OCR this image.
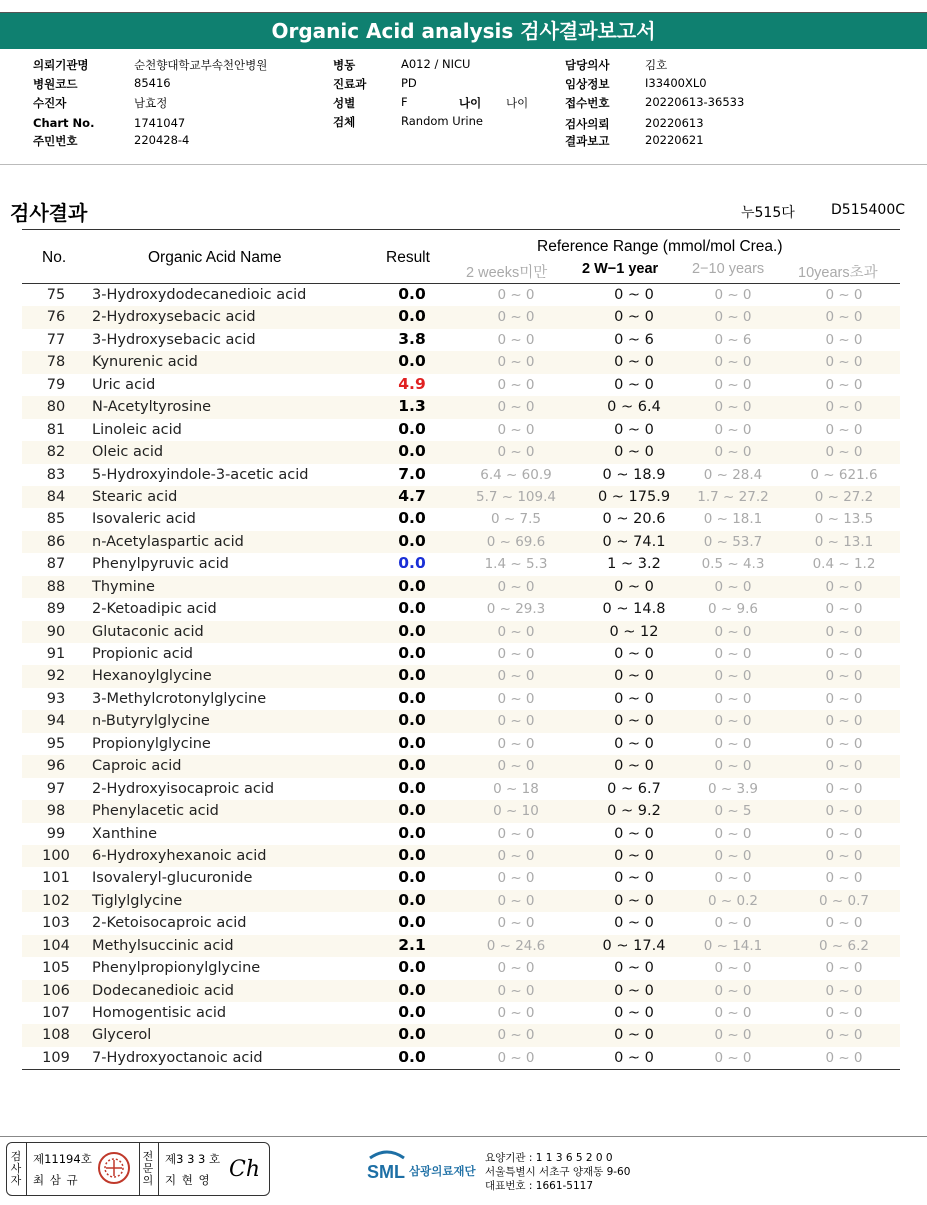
Organic Acid analysis 검사결과보고서
의뢰기관명	순천향대학교부속천안병원
병원코드	85416
수진자	남효정
Chart No.	1741047
주민번호	220428-4
병동	A012 / NICU
진료과	PD
성별	F	나이 나이
검체	Random Urine
담당의사	김호
임상정보	I33400XL0
접수번호	20220613-36533
검사의뢰	20220613
결과보고	20220621
검사결과	누515다	D515400C
No.	Organic Acid Name	Result
Reference Range (mmol/mol Crea.)
2 weeks미만 2 W−1 year 2−10 years 10years초과
75	3-Hydroxydodecanedioic acid	0.0	0 ~ 0	0 ~ 0	0 ~ 0	0 ~ 0
76	2-Hydroxysebacic acid	0.0	0 ~ 0	0 ~ 0	0 ~ 0	0 ~ 0
77	3-Hydroxysebacic acid	3.8	0 ~ 0	0 ~ 6	0 ~ 6	0 ~ 0
78	Kynurenic acid	0.0	0 ~ 0	0 ~ 0	0 ~ 0	0 ~ 0
79	Uric acid	4.9	0 ~ 0	0 ~ 0	0 ~ 0	0 ~ 0
80	N-Acetyltyrosine	1.3	0 ~ 0	0 ~ 6.4	0 ~ 0	0 ~ 0
81	Linoleic acid	0.0	0 ~ 0	0 ~ 0	0 ~ 0	0 ~ 0
82	Oleic acid	0.0	0 ~ 0	0 ~ 0	0 ~ 0	0 ~ 0
83	5-Hydroxyindole-3-acetic acid	7.0	6.4 ~ 60.9	0 ~ 18.9	0 ~ 28.4	0 ~ 621.6
84	Stearic acid	4.7	5.7 ~ 109.4	0 ~ 175.9	1.7 ~ 27.2	0 ~ 27.2
85	Isovaleric acid	0.0	0 ~ 7.5	0 ~ 20.6	0 ~ 18.1	0 ~ 13.5
86	n-Acetylaspartic acid	0.0	0 ~ 69.6	0 ~ 74.1	0 ~ 53.7	0 ~ 13.1
87	Phenylpyruvic acid	0.0	1.4 ~ 5.3	1 ~ 3.2	0.5 ~ 4.3	0.4 ~ 1.2
88	Thymine	0.0	0 ~ 0	0 ~ 0	0 ~ 0	0 ~ 0
89	2-Ketoadipic acid	0.0	0 ~ 29.3	0 ~ 14.8	0 ~ 9.6	0 ~ 0
90	Glutaconic acid	0.0	0 ~ 0	0 ~ 12	0 ~ 0	0 ~ 0
91	Propionic acid	0.0	0 ~ 0	0 ~ 0	0 ~ 0	0 ~ 0
92	Hexanoylglycine	0.0	0 ~ 0	0 ~ 0	0 ~ 0	0 ~ 0
93	3-Methylcrotonylglycine	0.0	0 ~ 0	0 ~ 0	0 ~ 0	0 ~ 0
94	n-Butyrylglycine	0.0	0 ~ 0	0 ~ 0	0 ~ 0	0 ~ 0
95	Propionylglycine	0.0	0 ~ 0	0 ~ 0	0 ~ 0	0 ~ 0
96	Caproic acid	0.0	0 ~ 0	0 ~ 0	0 ~ 0	0 ~ 0
97	2-Hydroxyisocaproic acid	0.0	0 ~ 18	0 ~ 6.7	0 ~ 3.9	0 ~ 0
98	Phenylacetic acid	0.0	0 ~ 10	0 ~ 9.2	0 ~ 5	0 ~ 0
99	Xanthine	0.0	0 ~ 0	0 ~ 0	0 ~ 0	0 ~ 0
100	6-Hydroxyhexanoic acid	0.0	0 ~ 0	0 ~ 0	0 ~ 0	0 ~ 0
101	Isovaleryl-glucuronide	0.0	0 ~ 0	0 ~ 0	0 ~ 0	0 ~ 0
102	Tiglylglycine	0.0	0 ~ 0	0 ~ 0	0 ~ 0.2	0 ~ 0.7
103	2-Ketoisocaproic acid	0.0	0 ~ 0	0 ~ 0	0 ~ 0	0 ~ 0
104	Methylsuccinic acid	2.1	0 ~ 24.6	0 ~ 17.4	0 ~ 14.1	0 ~ 6.2
105	Phenylpropionylglycine	0.0	0 ~ 0	0 ~ 0	0 ~ 0	0 ~ 0
106	Dodecanedioic acid	0.0	0 ~ 0	0 ~ 0	0 ~ 0	0 ~ 0
107	Homogentisic acid	0.0	0 ~ 0	0 ~ 0	0 ~ 0	0 ~ 0
108	Glycerol	0.0	0 ~ 0	0 ~ 0	0 ~ 0	0 ~ 0
109	7-Hydroxyoctanoic acid	0.0	0 ~ 0	0 ~ 0	0 ~ 0	0 ~ 0
검사자
제11194호
최 삼 규
전문의
제3 3 3 호
지 현 영 Ch	SML 삼광의료재단
요양기관 : 1 1 3 6 5 2 0 0
서울특별시 서초구 양재동 9-60
대표번호 : 1661-5117
